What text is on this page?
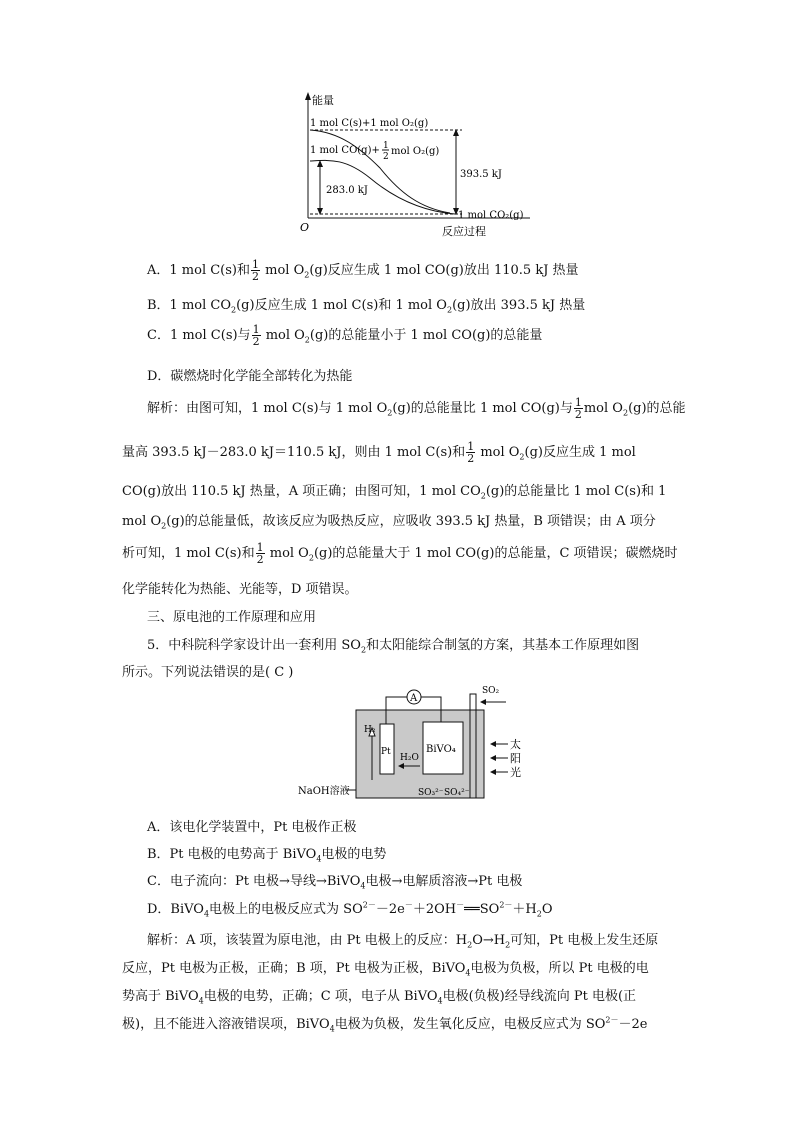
能量
O	反应过程
1 mol C(s)+1 mol O₂(g)
1 mol CO(g)+ 1
2 mol O₂(g)
1 mol CO₂(g)
283.0 kJ
393.5 kJ
A．1 mol C(s)和 $\frac{1}{2}$ mol $O_2(g)$反应生成 1 mol CO(g)放出 110.5 kJ 热量
B．1 mol $CO_2(g)$反应生成 1 mol C(s)和 1 mol $O_2(g)$放出 393.5 kJ 热量
C．1 mol C(s)与 $\frac{1}{2}$ mol $O_2(g)$的总能量小于 1 mol CO(g)的总能量
D．碳燃烧时化学能全部转化为热能
解析：由图可知，1 mol C(s)与 1 mol $O_2(g)$的总能量比 1 mol CO(g)与 $\frac{1}{2}$ mol $O_2(g)$的总能
量高 393.5 kJ－283.0 kJ＝110.5 kJ，则由 1 mol C(s)和 $\frac{1}{2}$ mol $O_2(g)$反应生成 1 mol
CO(g)放出 110.5 kJ 热量，A 项正确；由图可知，1 mol $CO_2(g)$的总能量比 1 mol C(s)和 1
mol $O_2(g)$的总能量低，故该反应为吸热反应，应吸收 393.5 kJ 热量，B 项错误；由 A 项分
析可知，1 mol C(s)和 $\frac{1}{2}$ mol $O_2(g)$的总能量大于 1 mol CO(g)的总能量，C 项错误；碳燃烧时
化学能转化为热能、光能等，D 项错误。
三、原电池的工作原理和应用
5．中科院科学家设计出一套利用 $SO_2$和太阳能综合制氢的方案，其基本工作原理如图
所示。下列说法错误的是( C )
A
Pt
H₂
H₂O
BiVO₄
SO₂
太
阳
光
NaOH溶液	SO₃²⁻ SO₄²⁻
A．该电化学装置中，Pt 电极作正极
B．Pt 电极的电势高于 BiVO$_4$电极的电势
C．电子流向：Pt 电极→导线→BiVO$_4$电极→电解质溶液→Pt 电极
D．BiVO$_4$电极上的电极反应式为 $SO^{2-}-2e^-+2OH^-══SO^{2-}+H_2O$
解析：A 项，该装置为原电池，由 Pt 电极上的反应：$H_2O\to H_2$可知，Pt 电极上发生还原
反应，Pt 电极为正极，正确；B 项，Pt 电极为正极，BiVO$_4$电极为负极，所以 Pt 电极的电
势高于 BiVO$_4$电极的电势，正确；C 项，电子从 BiVO$_4$电极(负极)经导线流向 Pt 电极(正
极)，且不能进入溶液错误项，BiVO$_4$电极为负极，发生氧化反应，电极反应式为 $SO^{2-}-2e$
